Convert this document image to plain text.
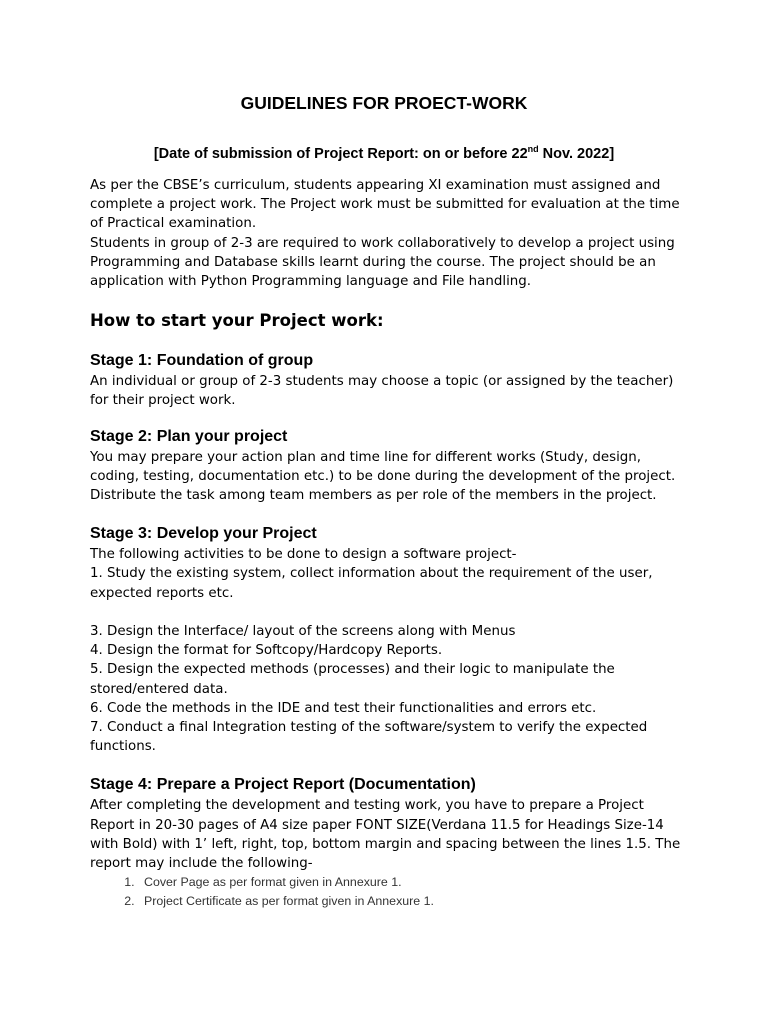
GUIDELINES FOR PROECT-WORK

[Date of submission of Project Report: on or before 22nd Nov. 2022]

As per the CBSE’s curriculum, students appearing XI examination must assigned and complete a project work. The Project work must be submitted for evaluation at the time of Practical examination.

Students in group of 2-3 are required to work collaboratively to develop a project using Programming and Database skills learnt during the course. The project should be an application with Python Programming language and File handling.

How to start your Project work:
Stage 1: Foundation of group

An individual or group of 2-3 students may choose a topic (or assigned by the teacher) for their project work.

Stage 2: Plan your project

You may prepare your action plan and time line for different works (Study, design, coding, testing, documentation etc.) to be done during the development of the project. Distribute the task among team members as per role of the members in the project.

Stage 3: Develop your Project

The following activities to be done to design a software project-

1. Study the existing system, collect information about the requirement of the user, expected reports etc.

3. Design the Interface/ layout of the screens along with Menus

4. Design the format for Softcopy/Hardcopy Reports.

5. Design the expected methods (processes) and their logic to manipulate the stored/entered data.

6. Code the methods in the IDE and test their functionalities and errors etc.

7. Conduct a final Integration testing of the software/system to verify the expected functions.

Stage 4: Prepare a Project Report (Documentation)

After completing the development and testing work, you have to prepare a Project Report in 20-30 pages of A4 size paper FONT SIZE(Verdana 11.5 for Headings Size-14 with Bold) with 1’ left, right, top, bottom margin and spacing between the lines 1.5. The report may include the following-

1. Cover Page as per format given in Annexure 1.
2. Project Certificate as per format given in Annexure 1.
